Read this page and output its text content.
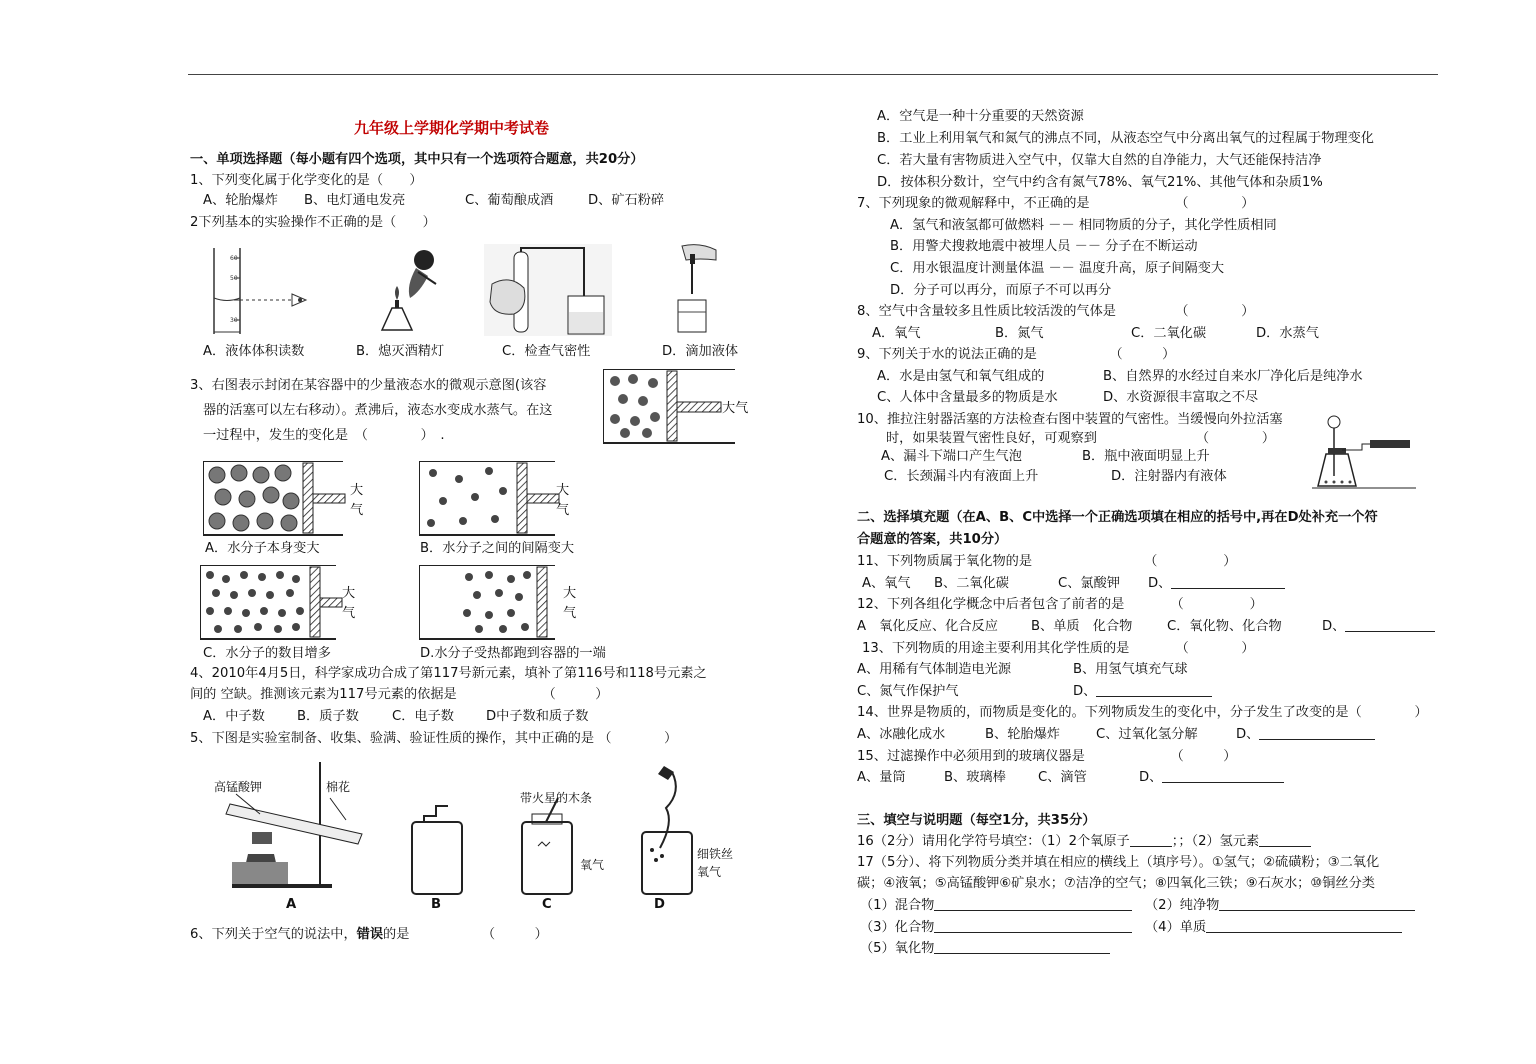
九年级上学期化学期中考试卷
一、单项选择题（每小题有四个选项，其中只有一个选项符合题意，共20分）
1、下列变化属于化学变化的是（　　）
A、轮胎爆炸 B、电灯通电发亮	C、葡萄酿成酒	D、矿石粉碎
2下列基本的实验操作不正确的是（　　）
60
50
30
A．液体体积读数	B．熄灭酒精灯	C．检查气密性	D．滴加液体
3、右图表示封闭在某容器中的少量液态水的微观示意图(该容
器的活塞可以左右移动）。煮沸后，液态水变成水蒸气。在这
一过程中，发生的变化是　（　　　　）　.
大气
大
气
A．水分子本身变大
大
气
B．水分子之间的间隔变大
大
气
C．水分子的数目增多
大
气
D.水分子受热都跑到容器的一端
4、2010年4月5日，科学家成功合成了第117号新元素，填补了第116号和118号元素之
间的 空缺。推测该元素为117号元素的依据是　　　　　　　（　　　）
A．中子数 B．质子数	C．电子数 D中子数和质子数
5、下图是实验室制备、收集、验满、验证性质的操作，其中正确的是 （　　　　）
高锰酸钾	棉花
带火星的木条
氧气
细铁丝
氧气
A	B	C	D
6、下列关于空气的说法中，错误的是　　　　　　（　　　）
A．空气是一种十分重要的天然资源
B．工业上利用氧气和氮气的沸点不同，从液态空气中分离出氧气的过程属于物理变化
C．若大量有害物质进入空气中，仅靠大自然的自净能力，大气还能保持洁净
D．按体积分数计，空气中约含有氮气78%、氧气21%、其他气体和杂质1%
7、下列现象的微观解释中，不正确的是　　　　　　　（　　　　）
A．氢气和液氢都可做燃料 －－ 相同物质的分子，其化学性质相同
B．用警犬搜救地震中被埋人员 －－ 分子在不断运动
C．用水银温度计测量体温 －－ 温度升高，原子间隔变大
D．分子可以再分，而原子不可以再分
8、空气中含量较多且性质比较活泼的气体是　　　　　（　　　　）
A．氧气	B．氮气	C．二氧化碳	D．水蒸气
9、下列关于水的说法正确的是　　　　　　（　　　）
A．水是由氢气和氧气组成的	B、自然界的水经过自来水厂净化后是纯净水
C、人体中含量最多的物质是水	D、水资源很丰富取之不尽
10、推拉注射器活塞的方法检查右图中装置的气密性。当缓慢向外拉活塞
时，如果装置气密性良好，可观察到　　　　　　　　（　　　　）
A、漏斗下端口产生气泡	B．瓶中液面明显上升
C．长颈漏斗内有液面上升	D．注射器内有液体
二、选择填充题（在A、B、C中选择一个正确选项填在相应的括号中,再在D处补充一个符
合题意的答案，共10分）
11、下列物质属于氧化物的是　　　　　　　　　（　　　　　）
A、氧气 B、二氧化碳	C、氯酸钾 D、
12、下列各组化学概念中后者包含了前者的是　　　　（　　　　　）
A　氧化反应、化合反应	B、单质　化合物	C．氧化物、化合物	D、
13、下列物质的用途主要利用其化学性质的是　　　　（　　　　）
A、用稀有气体制造电光源	B、用氢气填充气球
C、氮气作保护气	D、
14、世界是物质的，而物质是变化的。下列物质发生的变化中，分子发生了改变的是（　　　　）
A、冰融化成水	B、轮胎爆炸	C、过氧化氢分解	D、
15、过滤操作中必须用到的玻璃仪器是　　　　　　　（　　　）
A、量筒	B、玻璃棒 C、滴管	D、
三、填空与说明题（每空1分，共35分）
16（2分）请用化学符号填空：（1）2个氧原子	；；（2）氢元素
17（5分）、将下列物质分类并填在相应的横线上（填序号）。①氢气；②硫磺粉；③二氧化
碳；④液氧；⑤高锰酸钾⑥矿泉水；⑦洁净的空气；⑧四氧化三铁；⑨石灰水；⑩铜丝分类
（1）混合物	（2）纯净物
（3）化合物	（4）单质
（5）氧化物
